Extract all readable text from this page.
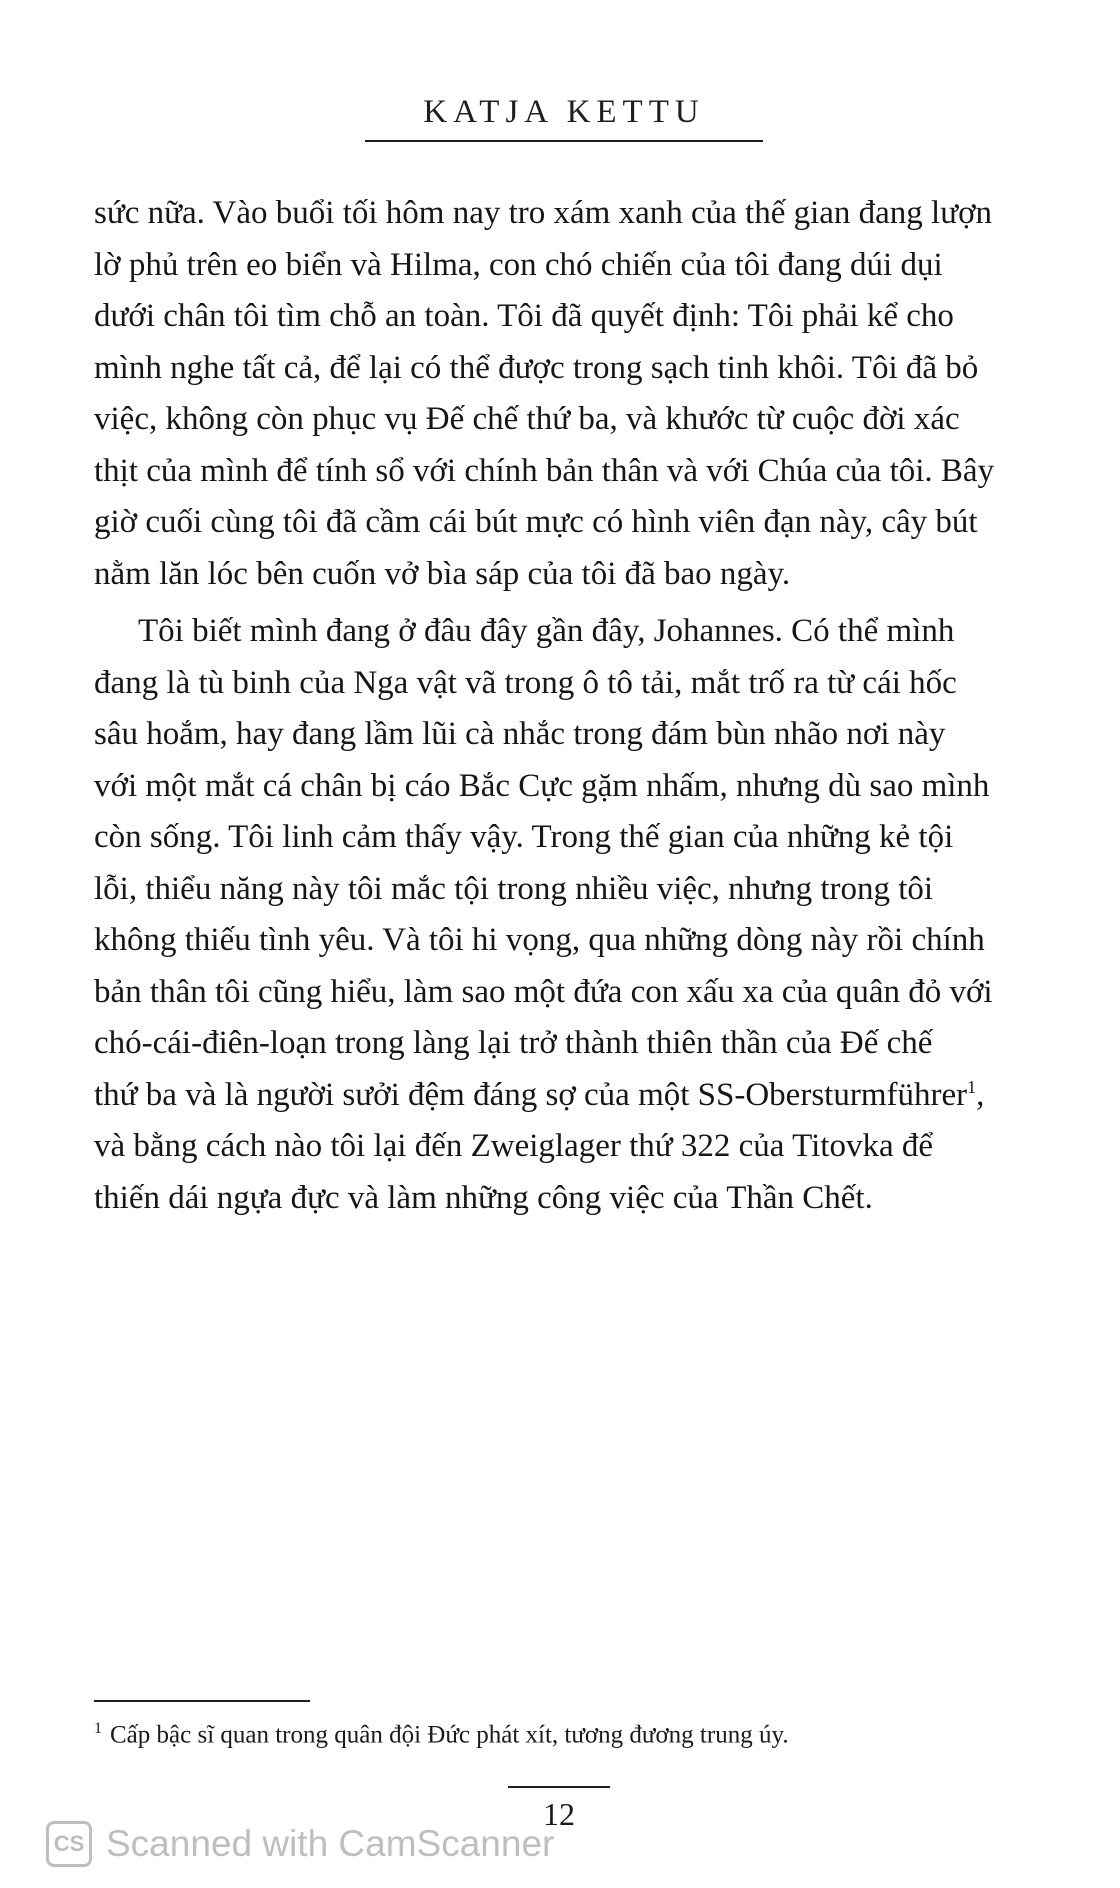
KATJA KETTU

sức nữa. Vào buổi tối hôm nay tro xám xanh của thế gian đang lượn
lờ phủ trên eo biển và Hilma, con chó chiến của tôi đang dúi dụi
dưới chân tôi tìm chỗ an toàn. Tôi đã quyết định: Tôi phải kể cho
mình nghe tất cả, để lại có thể được trong sạch tinh khôi. Tôi đã bỏ
việc, không còn phục vụ Đế chế thứ ba, và khước từ cuộc đời xác
thịt của mình để tính sổ với chính bản thân và với Chúa của tôi. Bây
giờ cuối cùng tôi đã cầm cái bút mực có hình viên đạn này, cây bút
nằm lăn lóc bên cuốn vở bìa sáp của tôi đã bao ngày.

Tôi biết mình đang ở đâu đây gần đây, Johannes. Có thể mình
đang là tù binh của Nga vật vã trong ô tô tải, mắt trố ra từ cái hốc
sâu hoắm, hay đang lầm lũi cà nhắc trong đám bùn nhão nơi này
với một mắt cá chân bị cáo Bắc Cực gặm nhấm, nhưng dù sao mình
còn sống. Tôi linh cảm thấy vậy. Trong thế gian của những kẻ tội
lỗi, thiểu năng này tôi mắc tội trong nhiều việc, nhưng trong tôi
không thiếu tình yêu. Và tôi hi vọng, qua những dòng này rồi chính
bản thân tôi cũng hiểu, làm sao một đứa con xấu xa của quân đỏ với
chó-cái-điên-loạn trong làng lại trở thành thiên thần của Đế chế
thứ ba và là người sưởi đệm đáng sợ của một SS-Obersturmführer$^1$,
và bằng cách nào tôi lại đến Zweiglager thứ 322 của Titovka để
thiến dái ngựa đực và làm những công việc của Thần Chết.

$^1$ Cấp bậc sĩ quan trong quân đội Đức phát xít, tương đương trung úy.
12
CS Scanned with CamScanner
